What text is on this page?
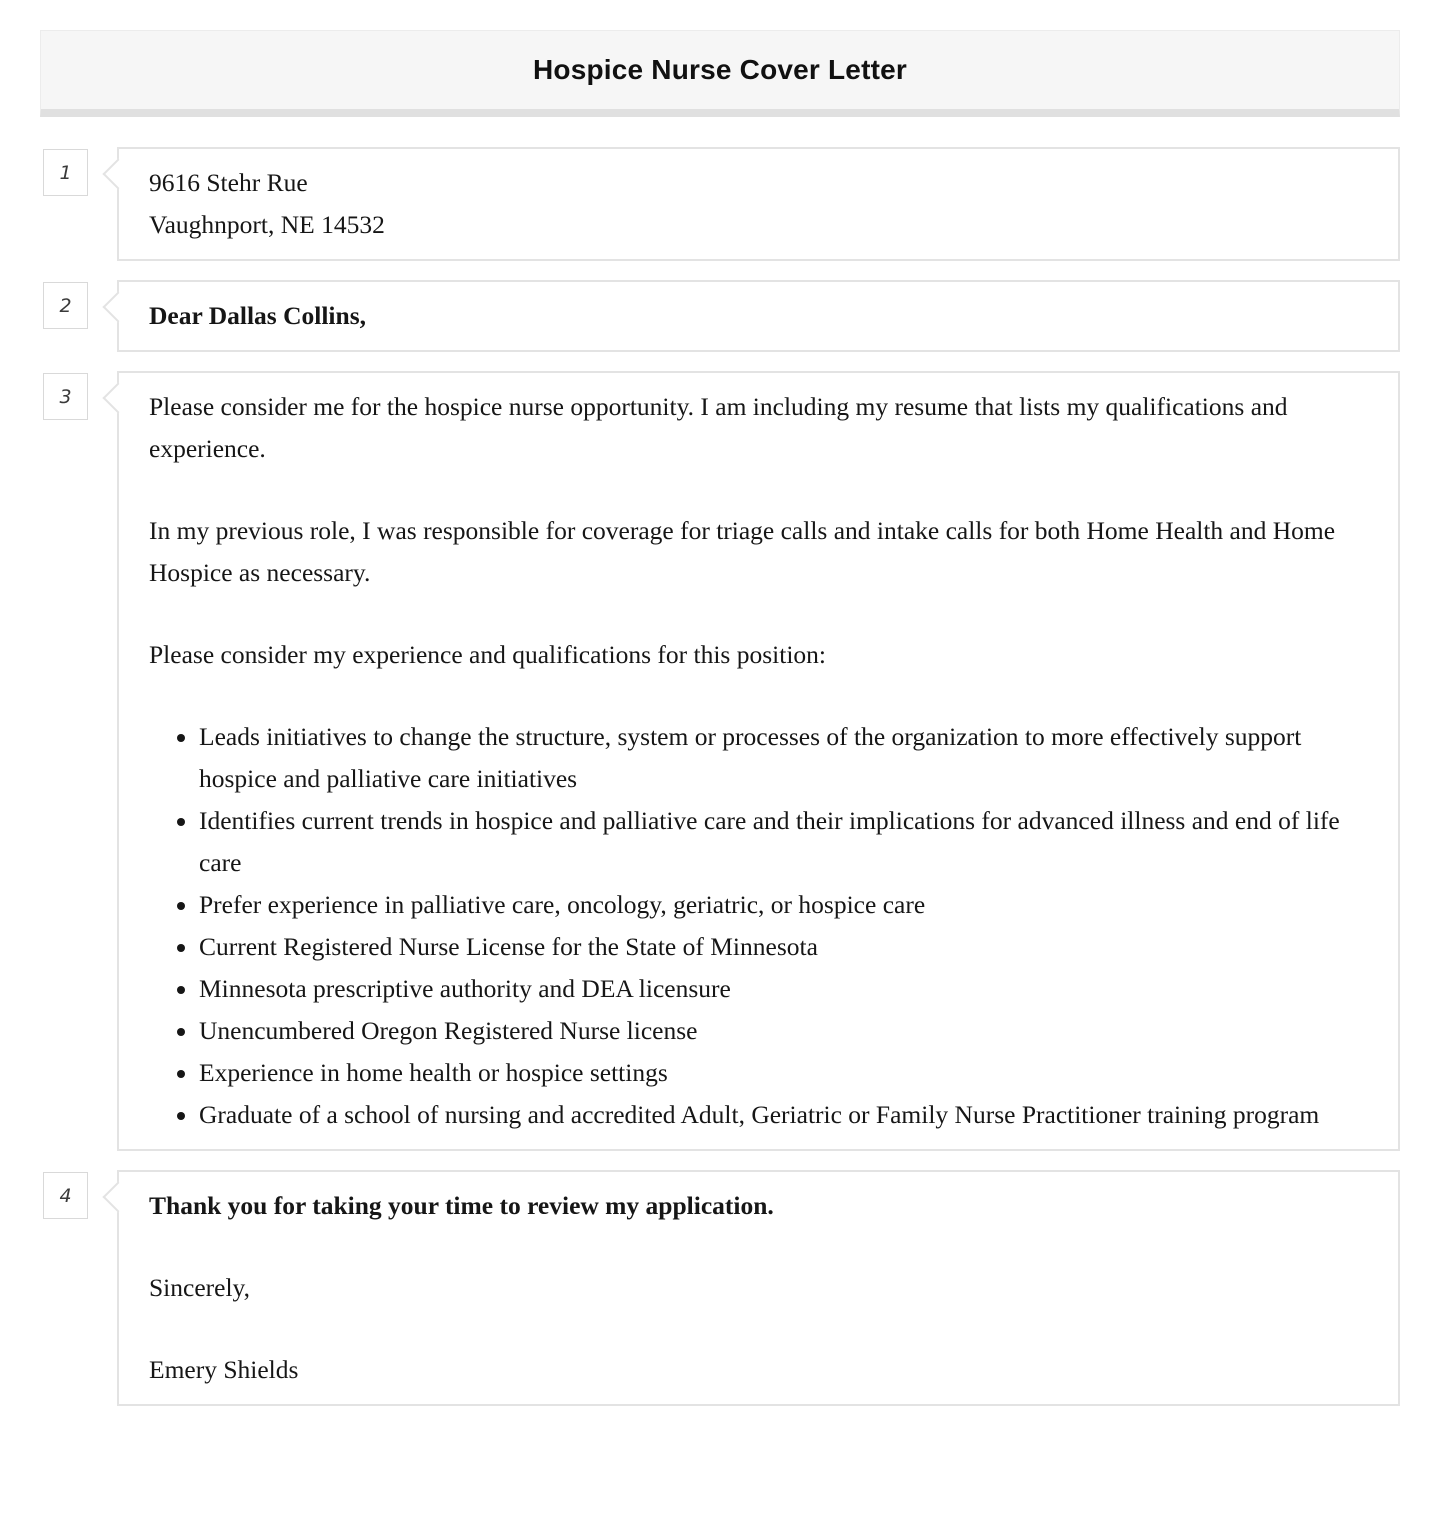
Hospice Nurse Cover Letter
1	9616 Stehr Rue
Vaughnport, NE 14532
2	Dear Dallas Collins,
3	Please consider me for the hospice nurse opportunity. I am including my resume that lists my qualifications and experience.

In my previous role, I was responsible for coverage for triage calls and intake calls for both Home Health and Home Hospice as necessary.

Please consider my experience and qualifications for this position:

• Leads initiatives to change the structure, system or processes of the organization to more effectively support hospice and palliative care initiatives
• Identifies current trends in hospice and palliative care and their implications for advanced illness and end of life care
• Prefer experience in palliative care, oncology, geriatric, or hospice care
• Current Registered Nurse License for the State of Minnesota
• Minnesota prescriptive authority and DEA licensure
• Unencumbered Oregon Registered Nurse license
• Experience in home health or hospice settings
• Graduate of a school of nursing and accredited Adult, Geriatric or Family Nurse Practitioner training program
4	Thank you for taking your time to review my application.

Sincerely,

Emery Shields
